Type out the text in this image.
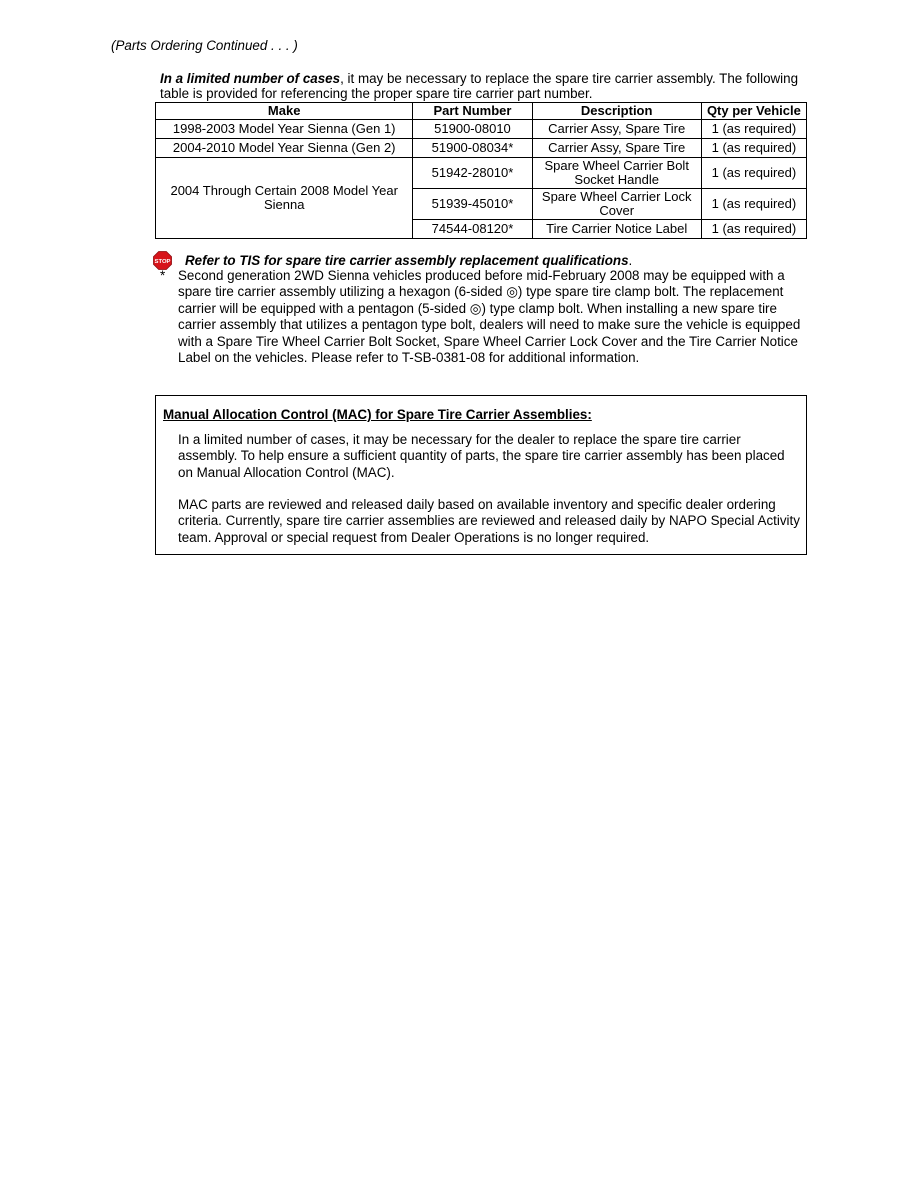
(Parts Ordering Continued . . . )
In a limited number of cases, it may be necessary to replace the spare tire carrier assembly. The following table is provided for referencing the proper spare tire carrier part number.
Make	Part Number	Description	Qty per Vehicle
1998-2003 Model Year Sienna (Gen 1)	51900-08010	Carrier Assy, Spare Tire	1 (as required)
2004-2010 Model Year Sienna (Gen 2)	51900-08034*	Carrier Assy, Spare Tire	1 (as required)
2004 Through Certain 2008 Model Year Sienna	51942-28010*	Spare Wheel Carrier Bolt Socket Handle	1 (as required)
	51939-45010*	Spare Wheel Carrier Lock Cover	1 (as required)
	74544-08120*	Tire Carrier Notice Label	1 (as required)
STOP Refer to TIS for spare tire carrier assembly replacement qualifications .
* Second generation 2WD Sienna vehicles produced before mid-February 2008 may be equipped with a spare tire carrier assembly utilizing a hexagon (6-sided ◎) type spare tire clamp bolt. The replacement carrier will be equipped with a pentagon (5-sided ◎) type clamp bolt. When installing a new spare tire carrier assembly that utilizes a pentagon type bolt, dealers will need to make sure the vehicle is equipped with a Spare Tire Wheel Carrier Bolt Socket, Spare Wheel Carrier Lock Cover and the Tire Carrier Notice Label on the vehicles. Please refer to T-SB-0381-08 for additional information.
Manual Allocation Control (MAC) for Spare Tire Carrier Assemblies:
In a limited number of cases, it may be necessary for the dealer to replace the spare tire carrier assembly. To help ensure a sufficient quantity of parts, the spare tire carrier assembly has been placed on Manual Allocation Control (MAC).
MAC parts are reviewed and released daily based on available inventory and specific dealer ordering criteria. Currently, spare tire carrier assemblies are reviewed and released daily by NAPO Special Activity team. Approval or special request from Dealer Operations is no longer required.
